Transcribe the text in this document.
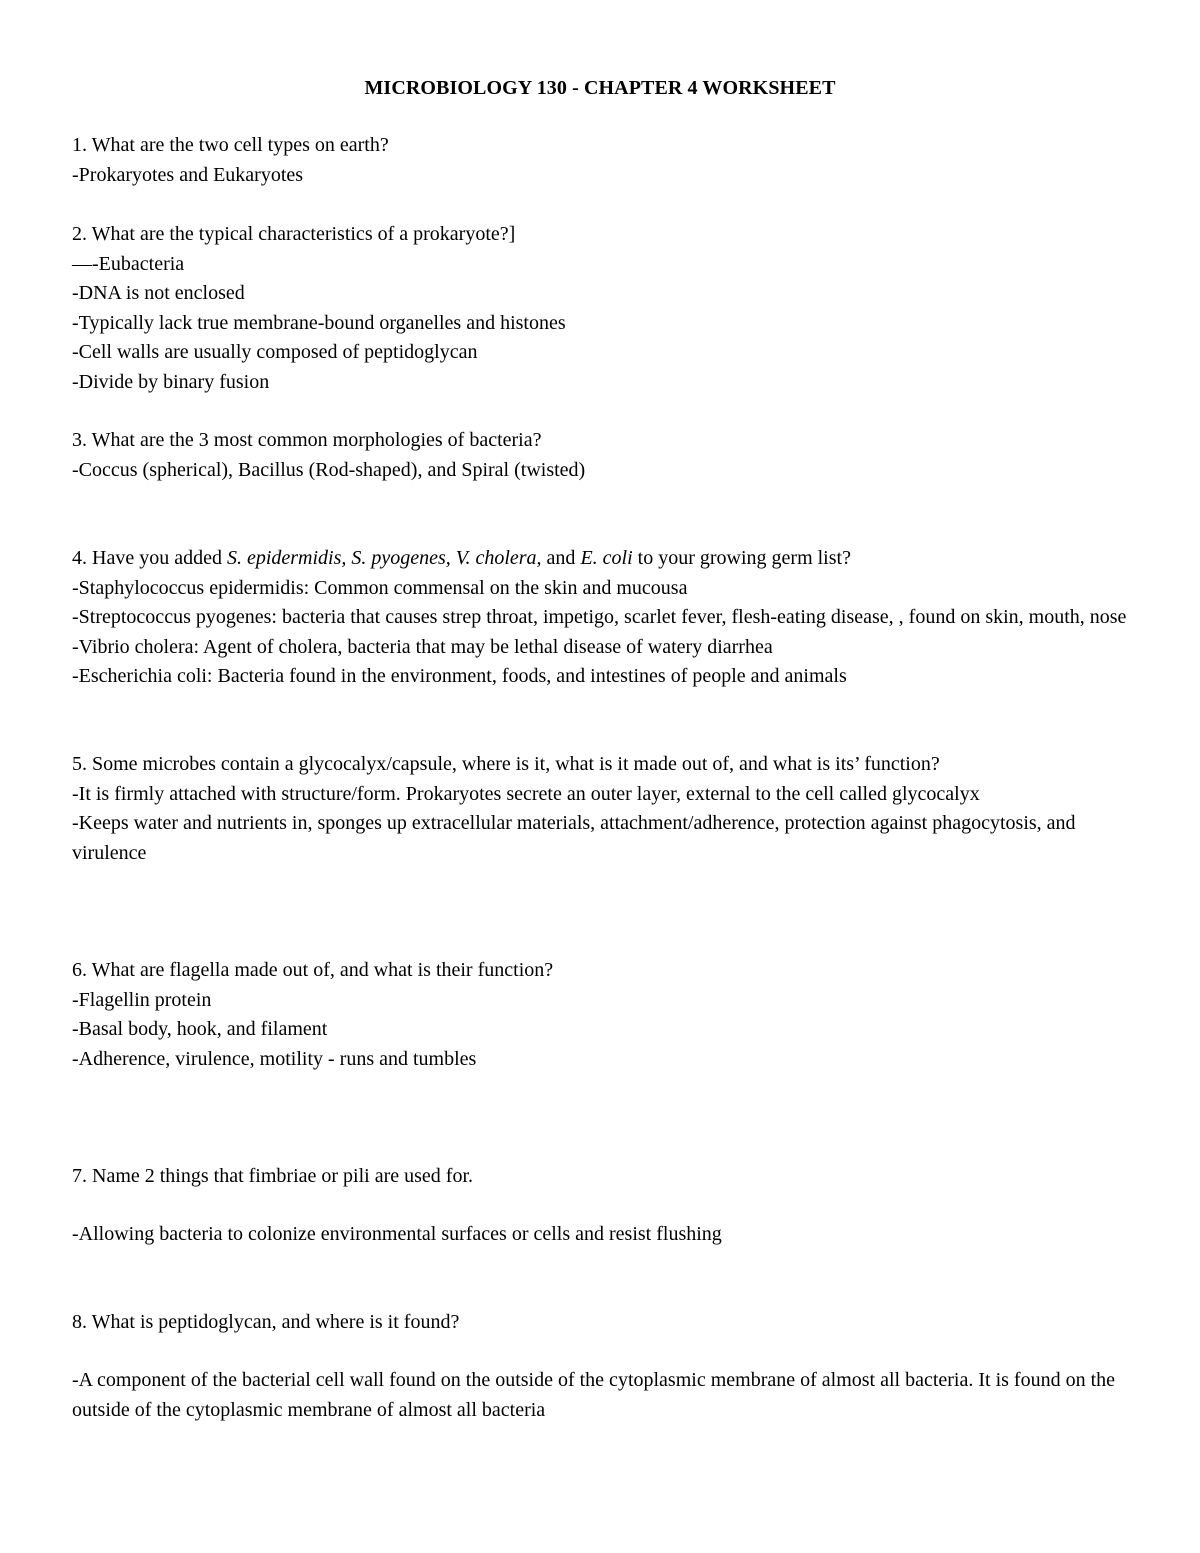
MICROBIOLOGY 130 - CHAPTER 4 WORKSHEET
1. What are the two cell types on earth?
-Prokaryotes and Eukaryotes
2. What are the typical characteristics of a prokaryote?]
—-Eubacteria
-DNA is not enclosed
-Typically lack true membrane-bound organelles and histones
-Cell walls are usually composed of peptidoglycan
-Divide by binary fusion
3. What are the 3 most common morphologies of bacteria?
-Coccus (spherical), Bacillus (Rod-shaped), and Spiral (twisted)
4. Have you added S. epidermidis, S. pyogenes, V. cholera, and E. coli to your growing germ list?
-Staphylococcus epidermidis: Common commensal on the skin and mucousa
-Streptococcus pyogenes: bacteria that causes strep throat, impetigo, scarlet fever, flesh-eating disease, , found on skin, mouth, nose
-Vibrio cholera: Agent of cholera, bacteria that may be lethal disease of watery diarrhea
-Escherichia coli: Bacteria found in the environment, foods, and intestines of people and animals
5. Some microbes contain a glycocalyx/capsule, where is it, what is it made out of, and what is its’ function?
-It is firmly attached with structure/form. Prokaryotes secrete an outer layer, external to the cell called glycocalyx
-Keeps water and nutrients in, sponges up extracellular materials, attachment/adherence, protection against phagocytosis, and virulence
6. What are flagella made out of, and what is their function?
-Flagellin protein
-Basal body, hook, and filament
-Adherence, virulence, motility - runs and tumbles
7. Name 2 things that fimbriae or pili are used for.
-Allowing bacteria to colonize environmental surfaces or cells and resist flushing
8. What is peptidoglycan, and where is it found?
-A component of the bacterial cell wall found on the outside of the cytoplasmic membrane of almost all bacteria. It is found on the outside of the cytoplasmic membrane of almost all bacteria
